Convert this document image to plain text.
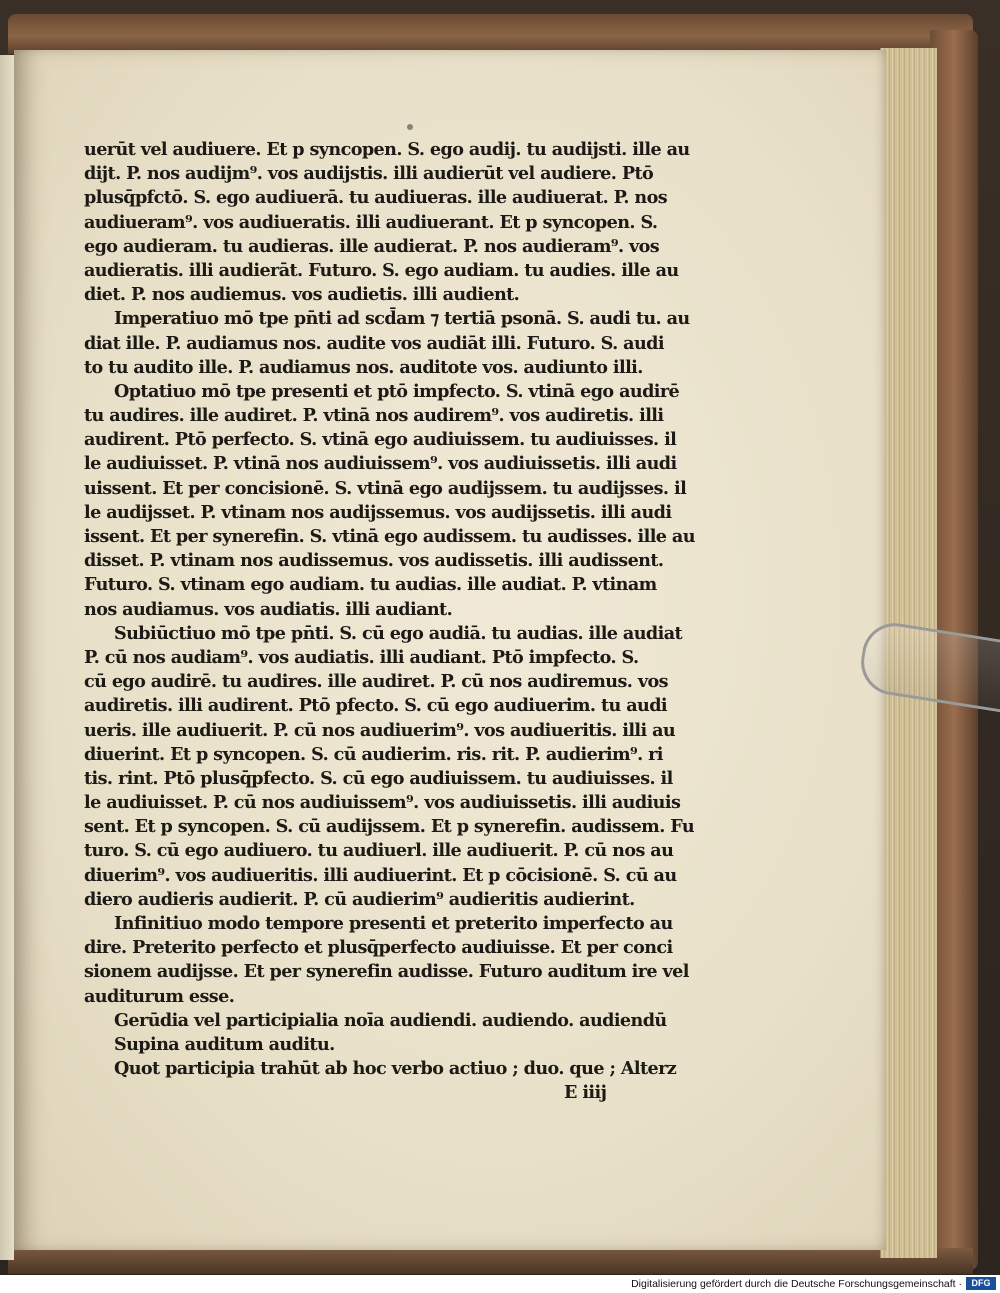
uerūt vel audiuere. Et p syncopen. S. ego audij. tu audijsti. ille au
dijt. P. nos audijm⁹. vos audijstis. illi audierūt vel audiere. Ptō
plusq̄pfctō. S. ego audiuerā. tu audiueras. ille audiuerat. P. nos
audiueram⁹. vos audiueratis. illi audiuerant. Et p syncopen. S.
ego audieram. tu audieras. ille audierat. P. nos audieram⁹. vos
audieratis. illi audierāt. Futuro. S. ego audiam. tu audies. ille au
diet. P. nos audiemus. vos audietis. illi audient.
Imperatiuo mō tpe pn̄ti ad scd̄am ⁊ tertiā psonā. S. audi tu. au
diat ille. P. audiamus nos. audite vos audiāt illi. Futuro. S. audi
to tu audito ille. P. audiamus nos. auditote vos. audiunto illi.
Optatiuo mō tpe presenti et ptō impfecto. S. vtinā ego audirē
tu audires. ille audiret. P. vtinā nos audirem⁹. vos audiretis. illi
audirent. Ptō perfecto. S. vtinā ego audiuissem. tu audiuisses. il
le audiuisset. P. vtinā nos audiuissem⁹. vos audiuissetis. illi audi
uissent. Et per concisionē. S. vtinā ego audijssem. tu audijsses. il
le audijsset. P. vtinam nos audijssemus. vos audijssetis. illi audi
issent. Et per synerefin. S. vtinā ego audissem. tu audisses. ille au
disset. P. vtinam nos audissemus. vos audissetis. illi audissent.
Futuro. S. vtinam ego audiam. tu audias. ille audiat. P. vtinam
nos audiamus. vos audiatis. illi audiant.
Subiūctiuo mō tpe pn̄ti. S. cū ego audiā. tu audias. ille audiat
P. cū nos audiam⁹. vos audiatis. illi audiant. Ptō impfecto. S.
cū ego audirē. tu audires. ille audiret. P. cū nos audiremus. vos
audiretis. illi audirent. Ptō pfecto. S. cū ego audiuerim. tu audi
ueris. ille audiuerit. P. cū nos audiuerim⁹. vos audiueritis. illi au
diuerint. Et p syncopen. S. cū audierim. ris. rit. P. audierim⁹. ri
tis. rint. Ptō plusq̄pfecto. S. cū ego audiuissem. tu audiuisses. il
le audiuisset. P. cū nos audiuissem⁹. vos audiuissetis. illi audiuis
sent. Et p syncopen. S. cū audijssem. Et p synerefin. audissem. Fu
turo. S. cū ego audiuero. tu audiuerl. ille audiuerit. P. cū nos au
diuerim⁹. vos audiueritis. illi audiuerint. Et p cōcisionē. S. cū au
diero audieris audierit. P. cū audierim⁹ audieritis audierint.
Infinitiuo modo tempore presenti et preterito imperfecto au
dire. Preterito perfecto et plusq̄perfecto audiuisse. Et per conci
sionem audijsse. Et per synerefin audisse. Futuro auditum ire vel
auditurum esse.
Gerūdia vel participialia noīa audiendi. audiendo. audiendū
Supina auditum auditu.
Quot participia trahūt ab hoc verbo actiuo ; duo. que ; Alterz
E iiij
Digitalisierung gefördert durch die Deutsche Forschungsgemeinschaft ·	DFG
